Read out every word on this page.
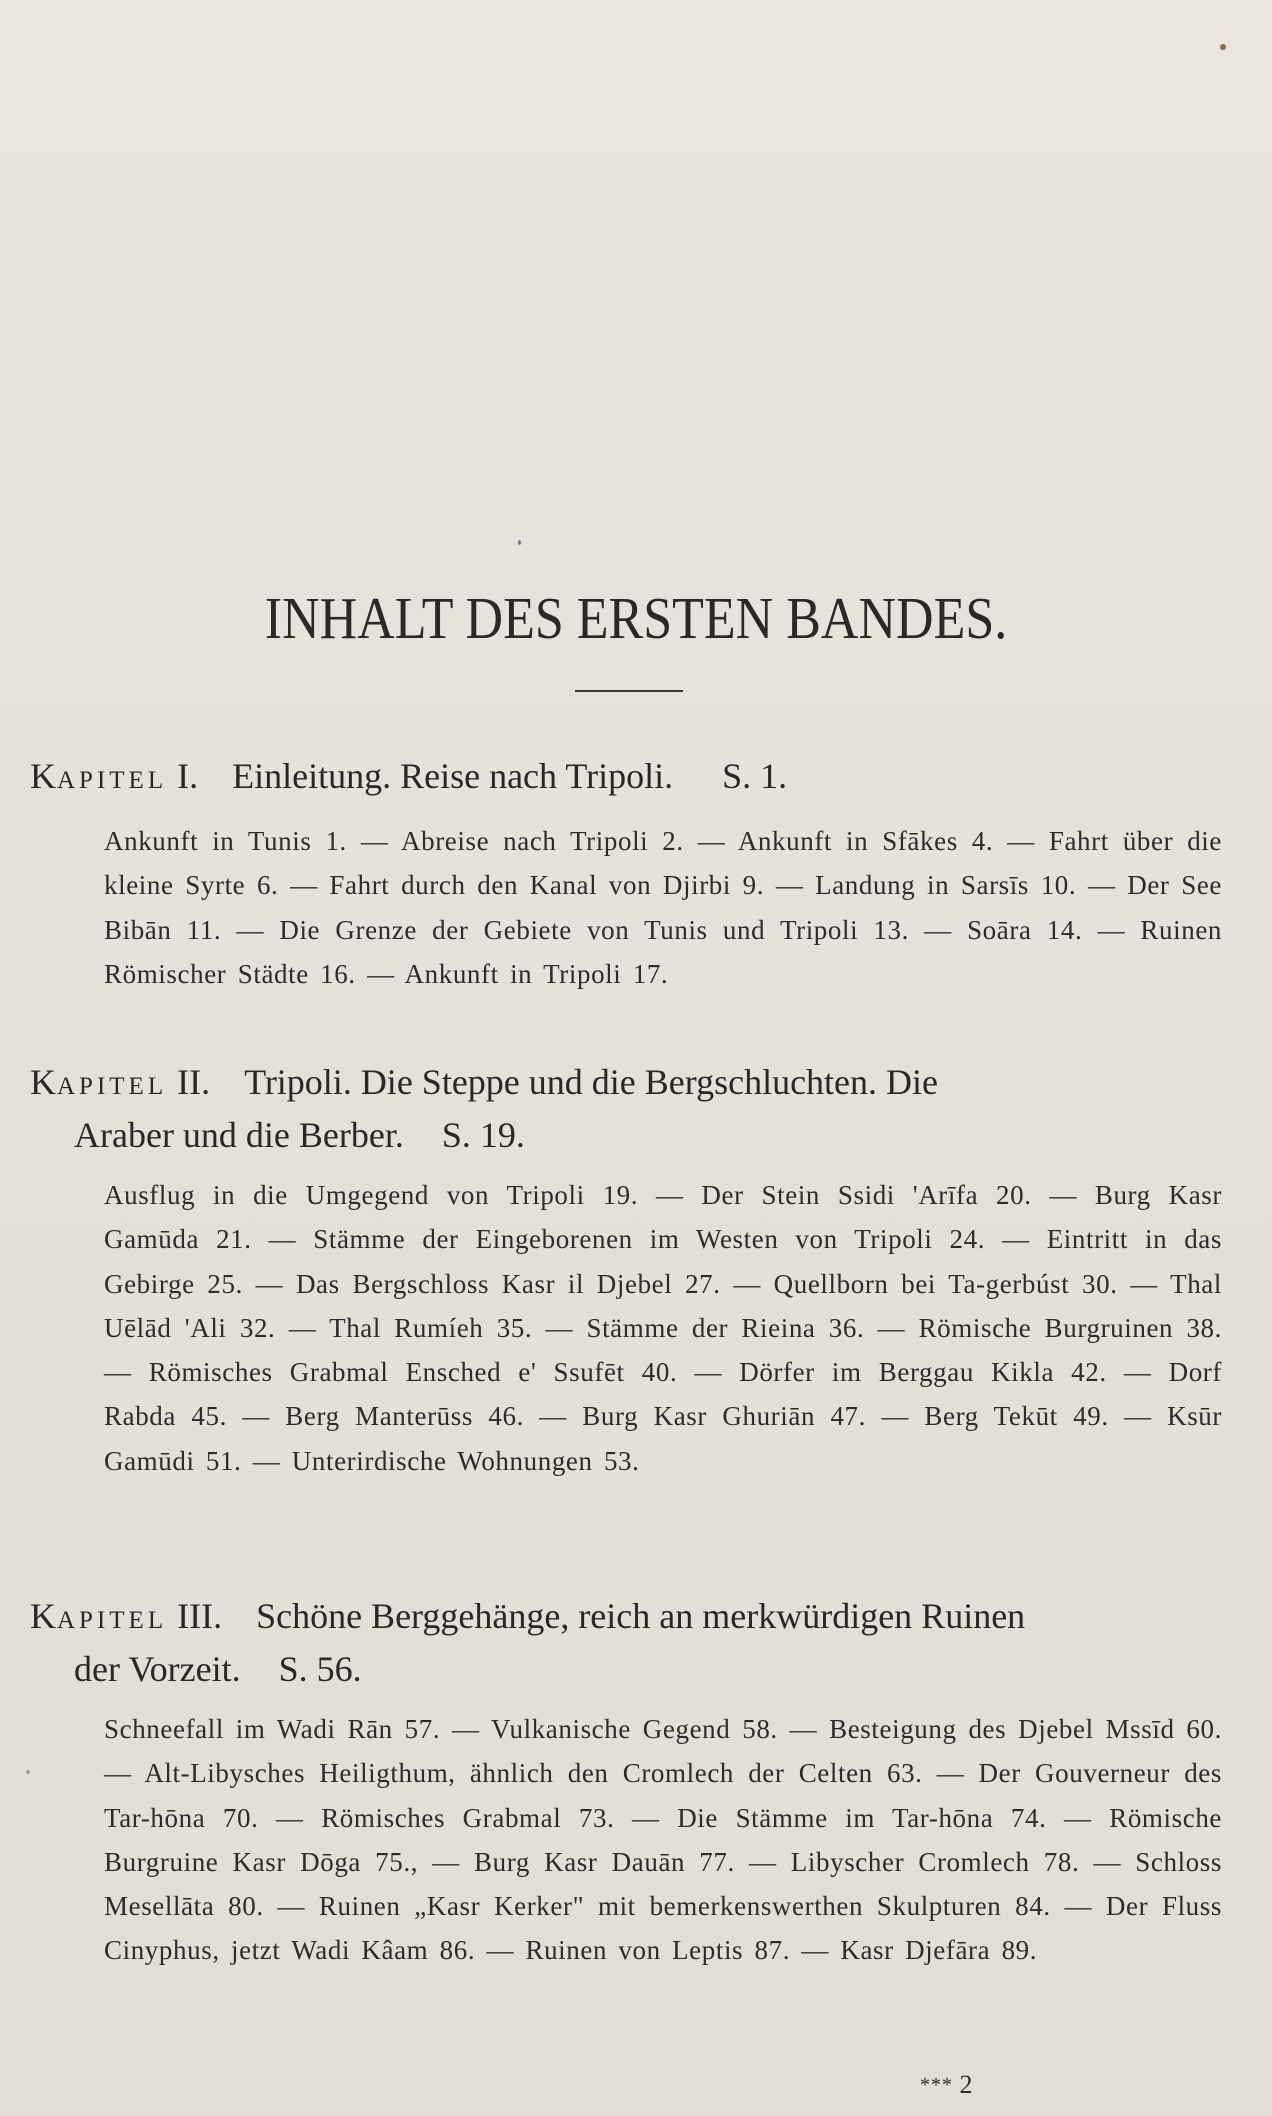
INHALT DES ERSTEN BANDES.
KAPITEL I. Einleitung. Reise nach Tripoli. S. 1.
Ankunft in Tunis 1. — Abreise nach Tripoli 2. — Ankunft in Sfākes 4. — Fahrt über die kleine Syrte 6. — Fahrt durch den Kanal von Djirbi 9. — Landung in Sarsīs 10. — Der See Bibān 11. — Die Grenze der Gebiete von Tunis und Tripoli 13. — Soāra 14. — Ruinen Römischer Städte 16. — Ankunft in Tripoli 17.
KAPITEL II. Tripoli. Die Steppe und die Bergschluchten. Die
Araber und die Berber. S. 19.
Ausflug in die Umgegend von Tripoli 19. — Der Stein Ssidi 'Arīfa 20. — Burg Kasr Gamūda 21. — Stämme der Eingeborenen im Westen von Tripoli 24. — Eintritt in das Gebirge 25. — Das Bergschloss Kasr il Djebel 27. — Quellborn bei Ta-gerbúst 30. — Thal Uēlād 'Ali 32. — Thal Rumíeh 35. — Stämme der Rieina 36. — Römische Burgruinen 38. — Römisches Grabmal Ensched e' Ssufēt 40. — Dörfer im Berggau Kikla 42. — Dorf Rabda 45. — Berg Manterūss 46. — Burg Kasr Ghuriān 47. — Berg Tekūt 49. — Ksūr Gamūdi 51. — Unterirdische Wohnungen 53.
KAPITEL III. Schöne Berggehänge, reich an merkwürdigen Ruinen
der Vorzeit. S. 56.
Schneefall im Wadi Rān 57. — Vulkanische Gegend 58. — Besteigung des Djebel Mssīd 60. — Alt-Libysches Heiligthum, ähnlich den Cromlech der Celten 63. — Der Gouverneur des Tar-hōna 70. — Römisches Grabmal 73. — Die Stämme im Tar-hōna 74. — Römische Burgruine Kasr Dōga 75., — Burg Kasr Dauān 77. — Libyscher Cromlech 78. — Schloss Mesellāta 80. — Ruinen „Kasr Kerker" mit bemerkenswerthen Skulpturen 84. — Der Fluss Cinyphus, jetzt Wadi Kâam 86. — Ruinen von Leptis 87. — Kasr Djefāra 89.
*** 2
